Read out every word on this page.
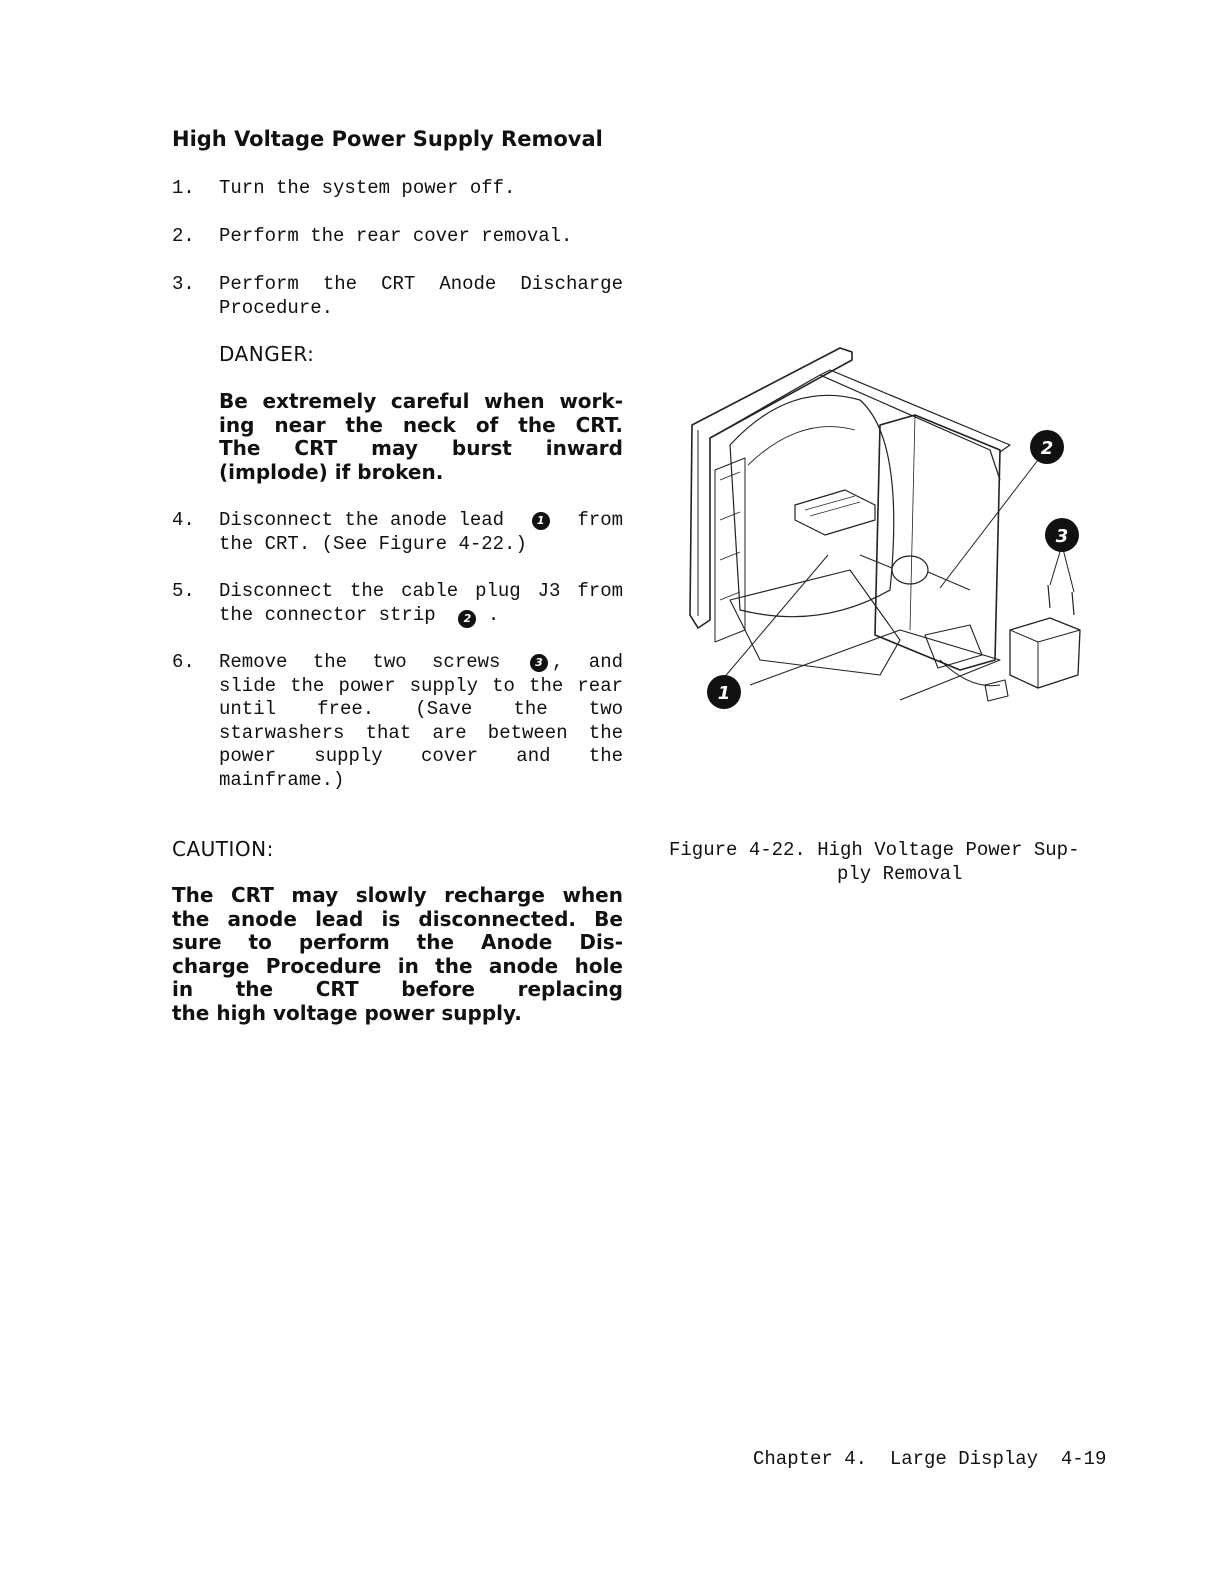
High Voltage Power Supply Removal
1.	Turn the system power off.
2.	Perform the rear cover removal.
3.	Perform the CRT Anode Discharge
Procedure.
DANGER:
Be extremely careful when work-
ing near the neck of the CRT.
The CRT may burst inward
(implode) if broken.
4.	Disconnect the anode lead	1 from
the CRT. (See Figure 4-22.)
5.	Disconnect the cable plug J3 from
the connector strip	2 .
6.	Remove the two screws	3 , and
slide the power supply to the rear
until free. (Save the two
starwashers that are between the
power supply cover and the
mainframe.)
1
2
3
Figure 4-22. High Voltage Power Sup-
ply Removal
CAUTION:
The CRT may slowly recharge when
the anode lead is disconnected. Be
sure to perform the Anode Dis-
charge Procedure in the anode hole
in the CRT before replacing
the high voltage power supply.
Chapter 4.  Large Display  4-19
